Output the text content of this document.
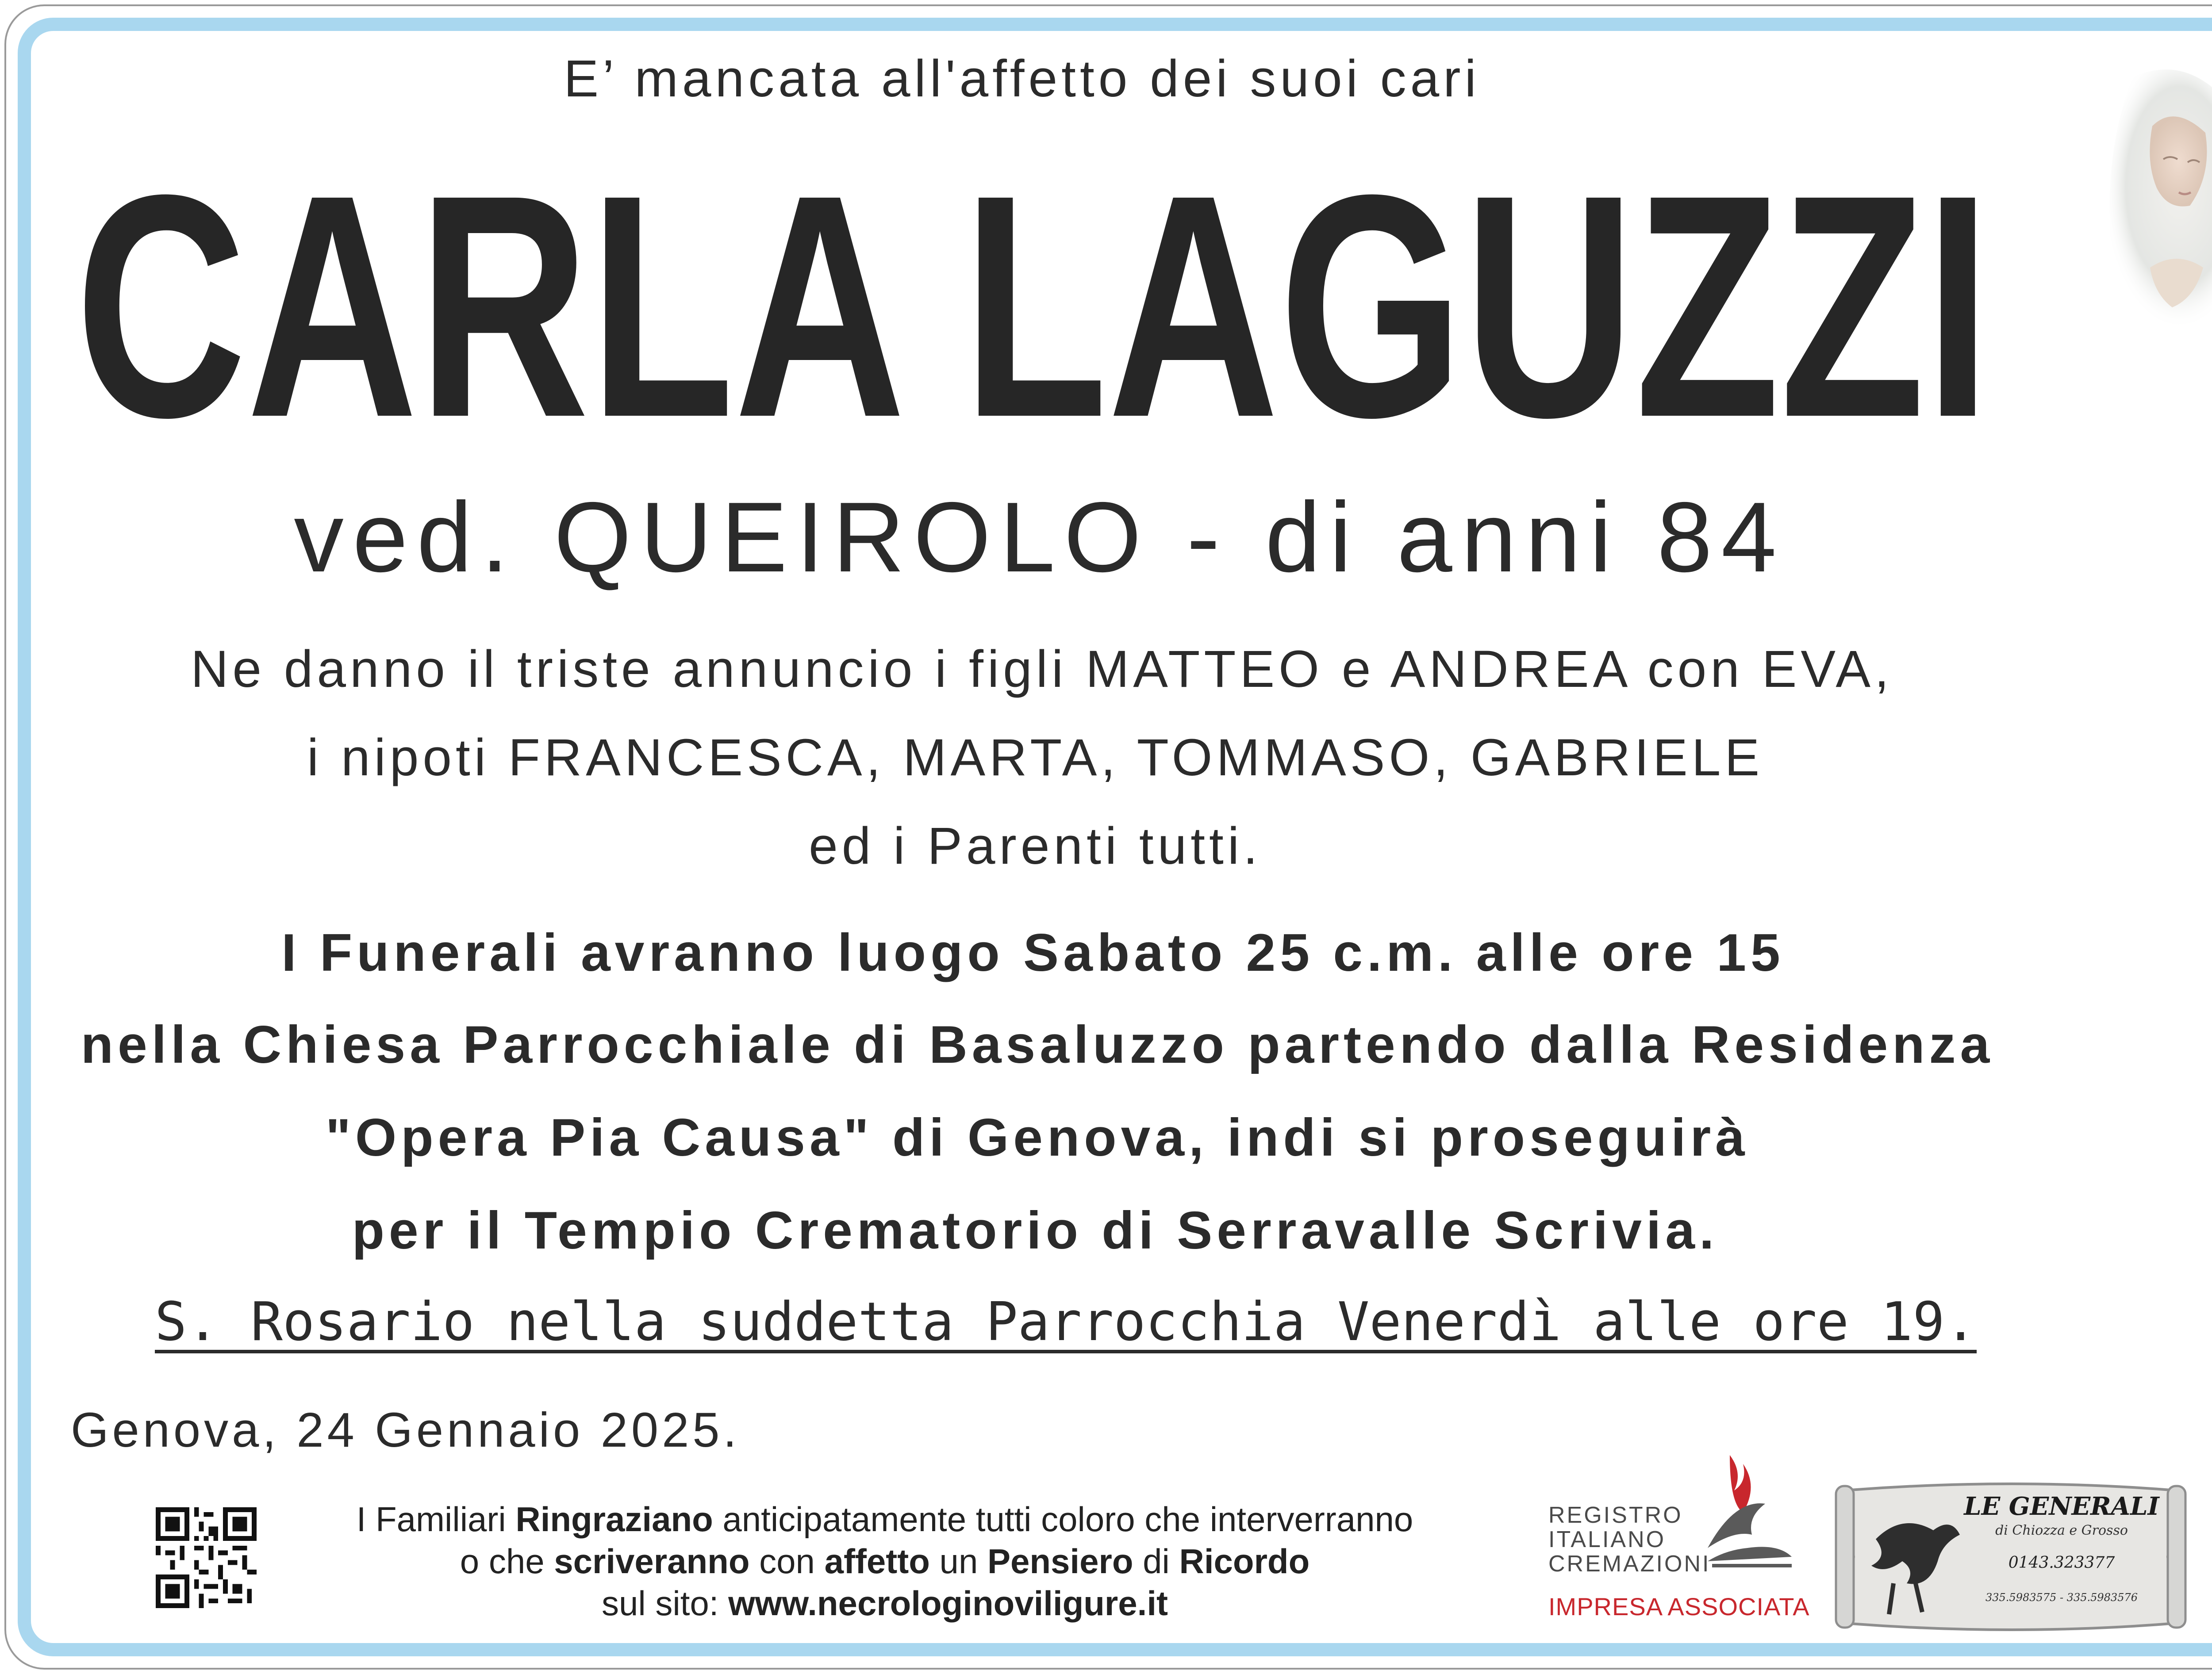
E’ mancata all'affetto dei suoi cari
CARLA LAGUZZI
ved. QUEIROLO - di anni 84
Ne danno il triste annuncio i figli MATTEO e ANDREA con EVA,
i nipoti FRANCESCA, MARTA, TOMMASO, GABRIELE
ed i Parenti tutti.
I Funerali avranno luogo Sabato 25 c.m. alle ore 15
nella Chiesa Parrocchiale di Basaluzzo partendo dalla Residenza
"Opera Pia Causa" di Genova, indi si proseguirà
per il Tempio Crematorio di Serravalle Scrivia.
S. Rosario nella suddetta Parrocchia Venerdì alle ore 19.
Genova, 24 Gennaio 2025.
I Familiari Ringraziano anticipatamente tutti coloro che interverranno
o che scriveranno con affetto un Pensiero di Ricordo
sul sito: www.necrologinoviligure.it
REGISTRO
ITALIANO
CREMAZIONI
IMPRESA ASSOCIATA
LE GENERALI
di Chiozza e Grosso
0143.323377
335.5983575 - 335.5983576
